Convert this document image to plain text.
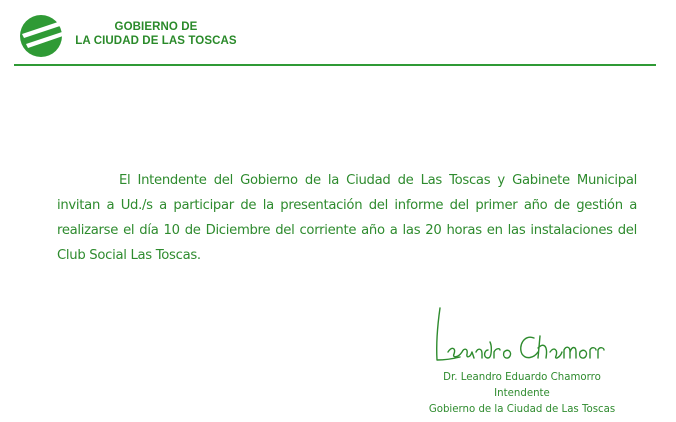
GOBIERNO DE
LA CIUDAD DE LAS TOSCAS

El Intendente del Gobierno de la Ciudad de Las Toscas y Gabinete Municipal invitan a Ud./s a participar de la presentación del informe del primer año de gestión a realizarse el día 10 de Diciembre del corriente año a las 20 horas en las instalaciones del Club Social Las Toscas.

Dr. Leandro Eduardo Chamorro
Intendente
Gobierno de la Ciudad de Las Toscas
